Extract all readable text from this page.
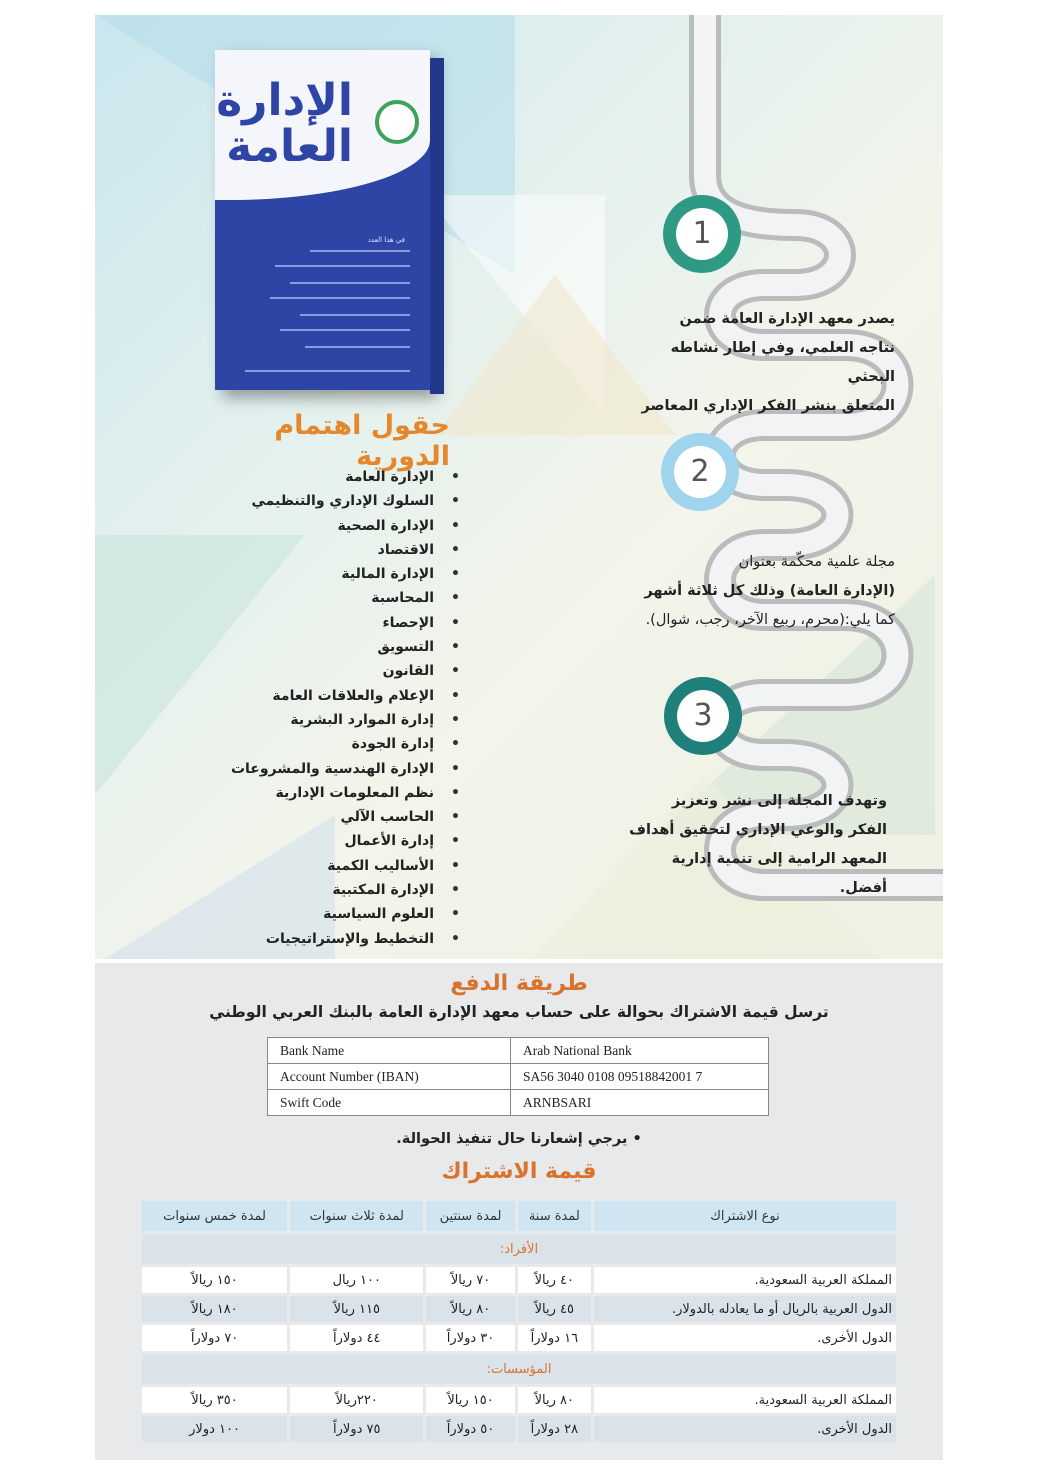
الإدارة
العامة
في هذا العدد
حقول اهتمام الدورية
• الإدارة العامة
• السلوك الإداري والتنظيمي
• الإدارة الصحية
• الاقتصاد
• الإدارة المالية
• المحاسبة
• الإحصاء
• التسويق
• القانون
• الإعلام والعلاقات العامة
• إدارة الموارد البشرية
• إدارة الجودة
• الإدارة الهندسية والمشروعات
• نظم المعلومات الإدارية
• الحاسب الآلي
• إدارة الأعمال
• الأساليب الكمية
• الإدارة المكتبية
• العلوم السياسية
• التخطيط والإستراتيجيات
1
2
3
يصدر معهد الإدارة العامة ضمن
نتاجه العلمي، وفي إطار نشاطه البحثي
المتعلق بنشر الفكر الإداري المعاصر
مجلة علمية محكّمة بعنوان
(الإدارة العامة) وذلك كل ثلاثة أشهر
كما يلي:(محرم، ربيع الآخر، رجب، شوال).
وتهدف المجلة إلى نشر وتعزيز
الفكر والوعي الإداري لتحقيق أهداف
المعهد الرامية إلى تنمية إدارية أفضل.
طريقة الدفع
ترسل قيمة الاشتراك بحوالة على حساب معهد الإدارة العامة بالبنك العربي الوطني
Bank Name	Arab National Bank
Account Number (IBAN)	SA56 3040 0108 09518842001 7
Swift Code	ARNBSARI
• يرجي إشعارنا حال تنفيذ الحوالة.
قيمة الاشتراك
نوع الاشتراك	لمدة سنة	لمدة سنتين	لمدة ثلاث سنوات	لمدة خمس سنوات
الأفراد:				
المملكة العربية السعودية.	٤٠ ريالاً	٧٠ ريالاً	١٠٠ ريال	١٥٠ ريالاً
الدول العربية بالريال أو ما يعادله بالدولار.	٤٥ ريالاً	٨٠ ريالاً	١١٥ ريالاً	١٨٠ ريالاً
الدول الأخرى.	١٦ دولاراً	٣٠ دولاراً	٤٤ دولاراً	٧٠ دولاراً
المؤسسات:				
المملكة العربية السعودية.	٨٠ ريالاً	١٥٠ ريالاً	٢٢٠ريالاً	٣٥٠ ريالاً
الدول الأخرى.	٢٨ دولاراً	٥٠ دولاراً	٧٥ دولاراً	١٠٠ دولار
